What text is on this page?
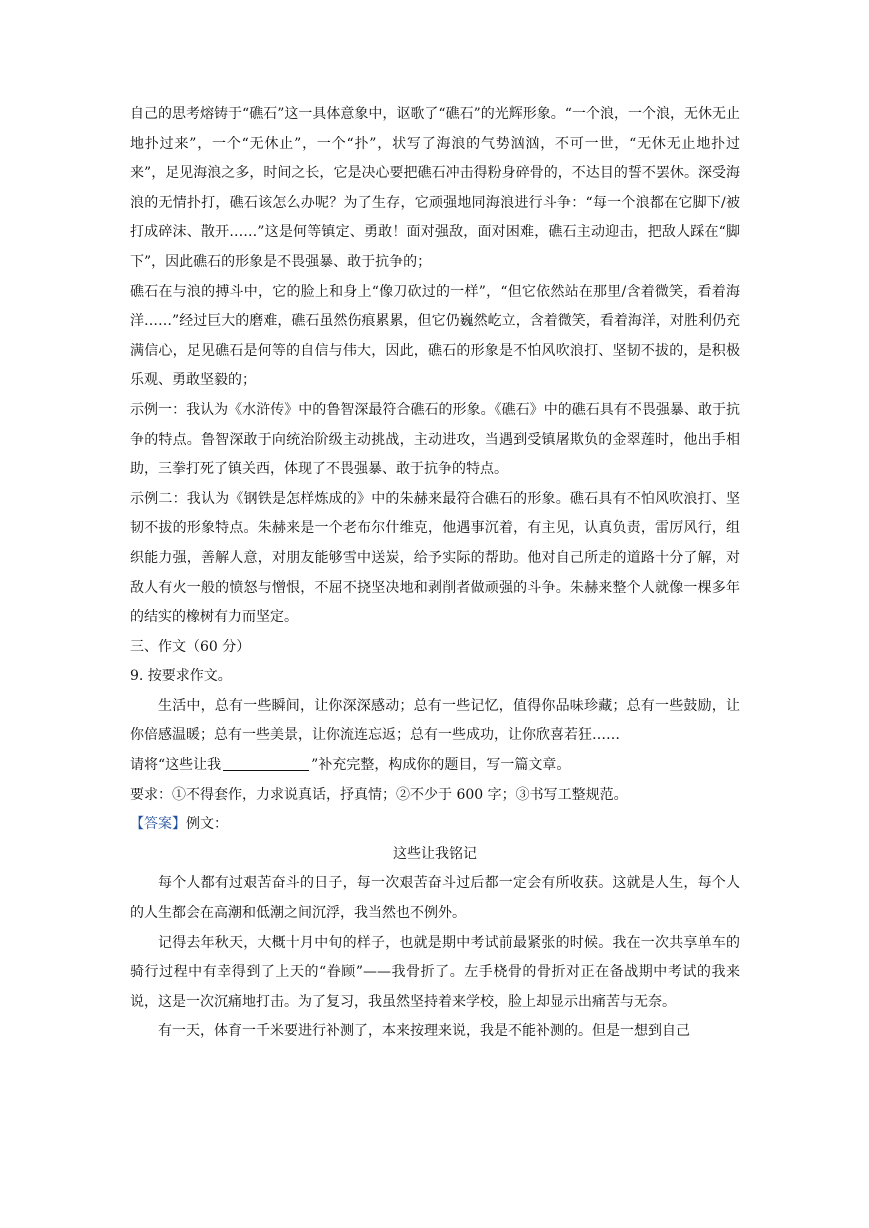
自己的思考熔铸于“礁石”这一具体意象中，讴歌了“礁石”的光辉形象。“一个浪，一个浪，无休无止地扑过来”，一个“无休止”，一个“扑”，状写了海浪的气势汹汹，不可一世，“无休无止地扑过来”，足见海浪之多，时间之长，它是决心要把礁石冲击得粉身碎骨的，不达目的誓不罢休。深受海浪的无情扑打，礁石该怎么办呢？为了生存，它顽强地同海浪进行斗争：“每一个浪都在它脚下/被打成碎沫、散开……”这是何等镇定、勇敢！面对强敌，面对困难，礁石主动迎击，把敌人踩在“脚下”，因此礁石的形象是不畏强暴、敢于抗争的；

礁石在与浪的搏斗中，它的脸上和身上“像刀砍过的一样”，“但它依然站在那里/含着微笑，看着海洋……”经过巨大的磨难，礁石虽然伤痕累累，但它仍巍然屹立，含着微笑，看着海洋，对胜利仍充满信心，足见礁石是何等的自信与伟大，因此，礁石的形象是不怕风吹浪打、坚韧不拔的，是积极乐观、勇敢坚毅的；

示例一：我认为《水浒传》中的鲁智深最符合礁石的形象。《礁石》中的礁石具有不畏强暴、敢于抗争的特点。鲁智深敢于向统治阶级主动挑战，主动进攻，当遇到受镇屠欺负的金翠莲时，他出手相助，三拳打死了镇关西，体现了不畏强暴、敢于抗争的特点。

示例二：我认为《钢铁是怎样炼成的》中的朱赫来最符合礁石的形象。礁石具有不怕风吹浪打、坚韧不拔的形象特点。朱赫来是一个老布尔什维克，他遇事沉着，有主见，认真负责，雷厉风行，组织能力强，善解人意，对朋友能够雪中送炭，给予实际的帮助。他对自己所走的道路十分了解，对敌人有火一般的愤怒与憎恨，不屈不挠坚决地和剥削者做顽强的斗争。朱赫来整个人就像一棵多年的结实的橡树有力而坚定。

三、作文（60 分）

9. 按要求作文。

生活中，总有一些瞬间，让你深深感动；总有一些记忆，值得你品味珍藏；总有一些鼓励，让你倍感温暖；总有一些美景，让你流连忘返；总有一些成功，让你欣喜若狂……

请将“这些让我	”补充完整，构成你的题目，写一篇文章。

要求：①不得套作，力求说真话，抒真情；②不少于 600 字；③书写工整规范。

【答案】例文：

这些让我铭记

每个人都有过艰苦奋斗的日子，每一次艰苦奋斗过后都一定会有所收获。这就是人生，每个人的人生都会在高潮和低潮之间沉浮，我当然也不例外。

记得去年秋天，大概十月中旬的样子，也就是期中考试前最紧张的时候。我在一次共享单车的骑行过程中有幸得到了上天的“眷顾”——我骨折了。左手桡骨的骨折对正在备战期中考试的我来说，这是一次沉痛地打击。为了复习，我虽然坚持着来学校，脸上却显示出痛苦与无奈。

有一天，体育一千米要进行补测了，本来按理来说，我是不能补测的。但是一想到自己
